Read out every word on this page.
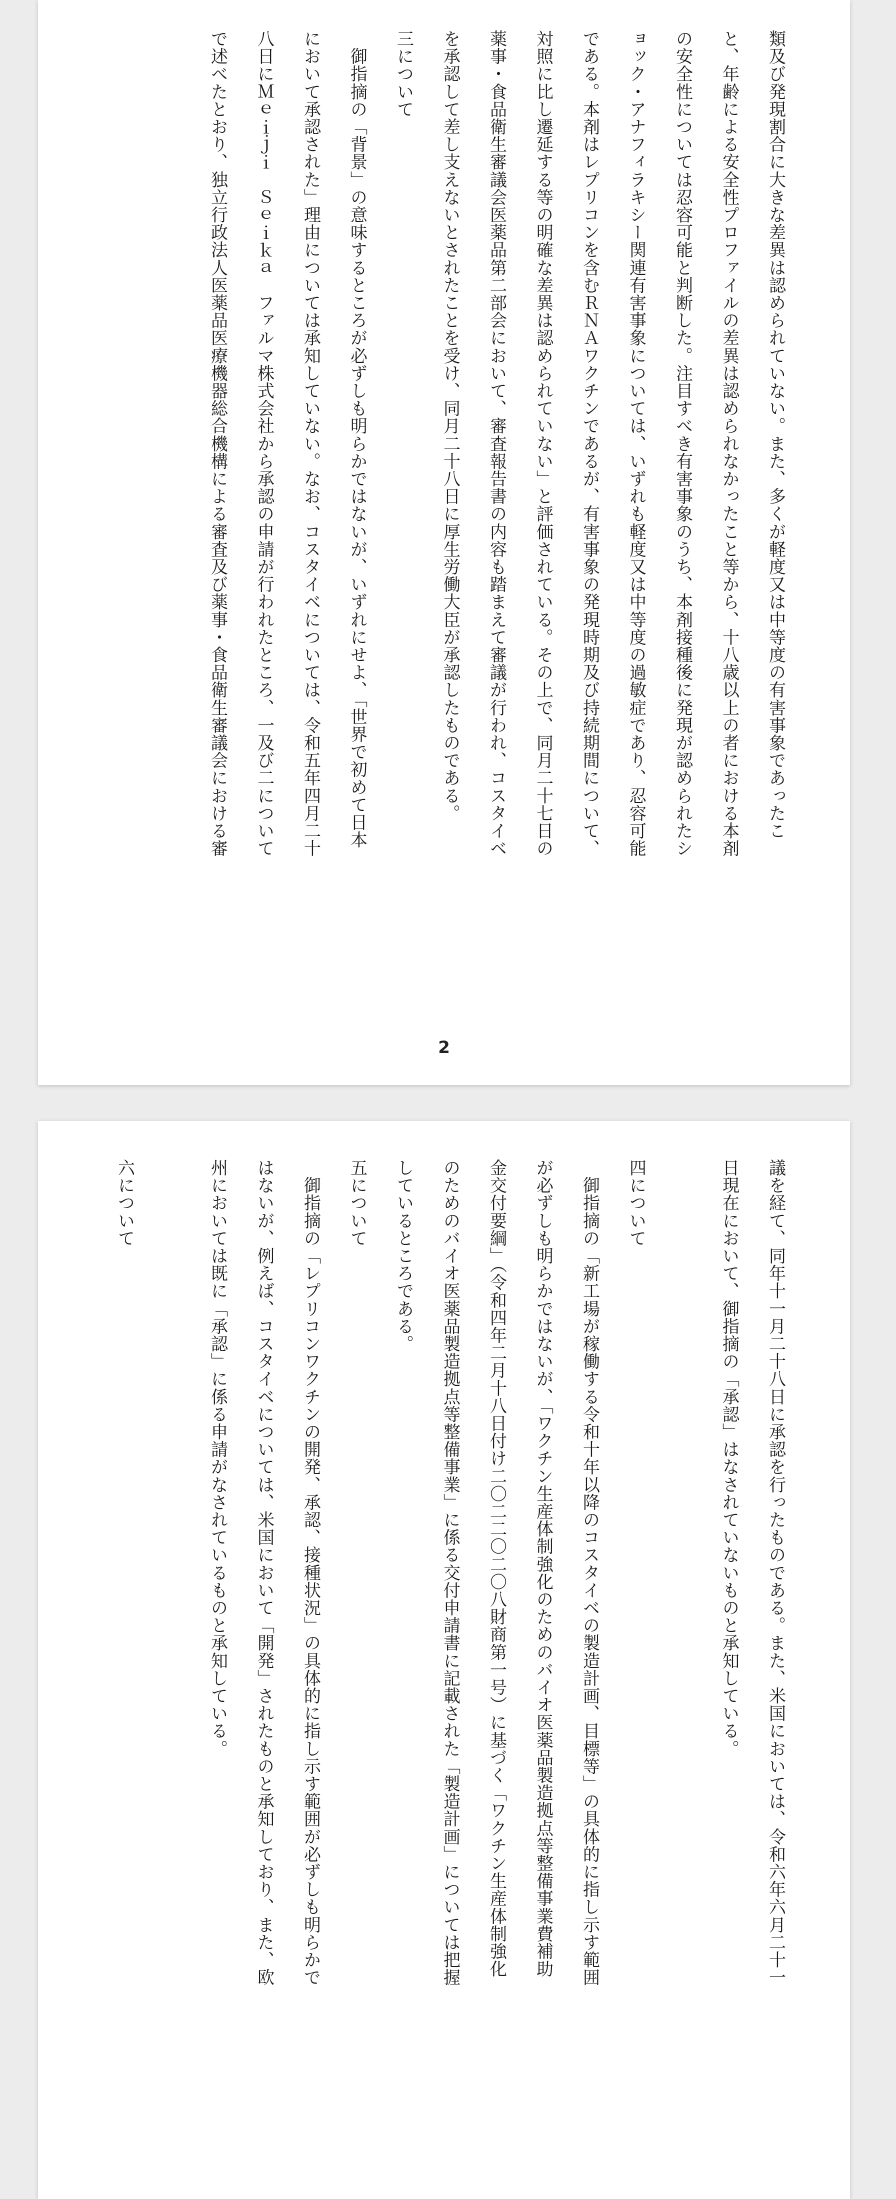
類及び発現割合に大きな差異は認められていない。また、多くが軽度又は中等度の有害事象であったこ
と、年齢による安全性プロファイルの差異は認められなかったこと等から、十八歳以上の者における本剤
の安全性については忍容可能と判断した。注目すべき有害事象のうち、本剤接種後に発現が認められたシ
ョック・アナフィラキシー関連有害事象については、いずれも軽度又は中等度の過敏症であり、忍容可能
である。本剤はレプリコンを含むＲＮＡワクチンであるが、有害事象の発現時期及び持続期間について、
対照に比し遷延する等の明確な差異は認められていない」と評価されている。その上で、同月二十七日の
薬事・食品衛生審議会医薬品第二部会において、審査報告書の内容も踏まえて審議が行われ、コスタイベ
を承認して差し支えないとされたことを受け、同月二十八日に厚生労働大臣が承認したものである。
三について
　御指摘の「背景」の意味するところが必ずしも明らかではないが、いずれにせよ、「世界で初めて日本
において承認された」理由については承知していない。なお、コスタイベについては、令和五年四月二十
八日にＭｅｉｊｉ　Ｓｅｉｋａ　ファルマ株式会社から承認の申請が行われたところ、一及び二について
で述べたとおり、独立行政法人医薬品医療機器総合機構による審査及び薬事・食品衛生審議会における審
2
議を経て、同年十一月二十八日に承認を行ったものである。また、米国においては、令和六年六月二十一
日現在において、御指摘の「承認」はなされていないものと承知している。
四について
　御指摘の「新工場が稼働する令和十年以降のコスタイベの製造計画、目標等」の具体的に指し示す範囲
が必ずしも明らかではないが、「ワクチン生産体制強化のためのバイオ医薬品製造拠点等整備事業費補助
金交付要綱」（令和四年二月十八日付け二〇二二〇二〇八財商第一号）に基づく「ワクチン生産体制強化
のためのバイオ医薬品製造拠点等整備事業」に係る交付申請書に記載された「製造計画」については把握
しているところである。
五について
　御指摘の「レプリコンワクチンの開発、承認、接種状況」の具体的に指し示す範囲が必ずしも明らかで
はないが、例えば、コスタイベについては、米国において「開発」されたものと承知しており、また、欧
州においては既に「承認」に係る申請がなされているものと承知している。
六について
